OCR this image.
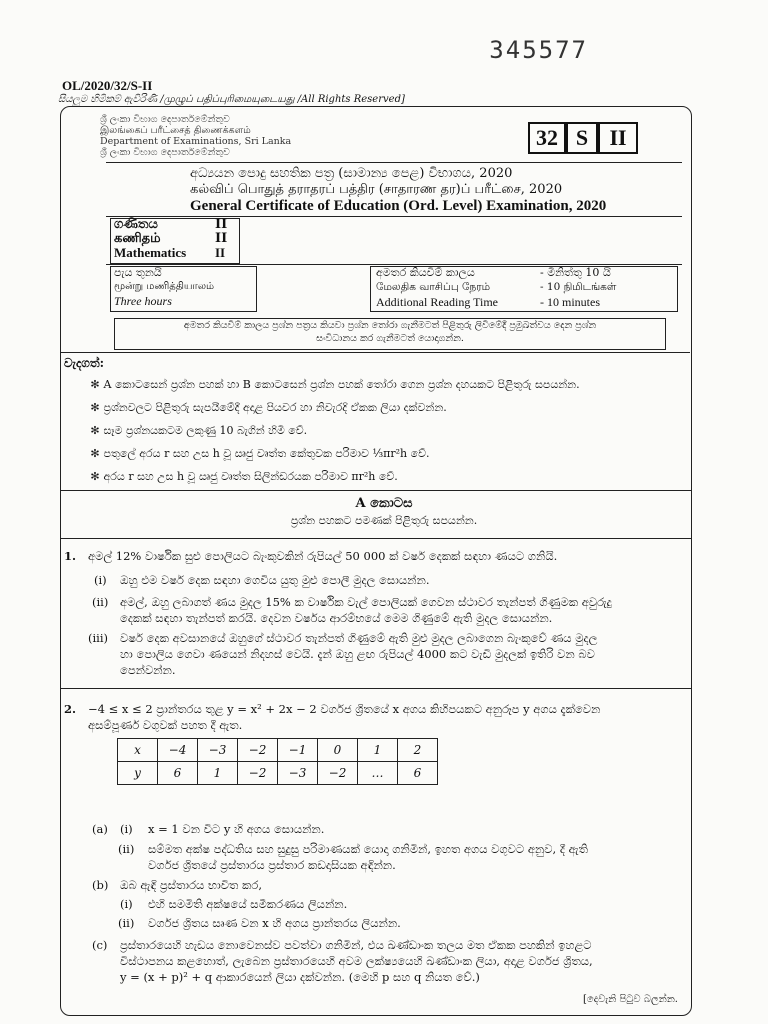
345577
OL/2020/32/S-II
සියලුම හිමිකම් ඇවිරිණි /முழுப் பதிப்புரிமையுடையது /All Rights Reserved]
ශ්‍රී ලංකා විභාග දෙපාර්තමේන්තුව
இலங்கைப் பரீட்சைத் திணைக்களம்
Department of Examinations, Sri Lanka
ශ්‍රී ලංකා විභාග දෙපාර්තමේන්තුව
32 S II
අධ්‍යයන පොදු සහතික පත්‍ර (සාමාන්‍ය පෙළ) විභාගය, 2020
கல்விப் பொதுத் தராதரப் பத்திர (சாதாரண தர)ப் பரீட்சை, 2020
General Certificate of Education (Ord. Level) Examination, 2020
ගණිතය	II
கணிதம்	II
Mathematics II
පැය තුනයි
மூன்று மணித்தியாலம்
Three hours
අමතර කියවීම් කාලය	- මිනිත්තු 10 යි
மேலதிக வாசிப்பு நேரம்	- 10 நிமிடங்கள்
Additional Reading Time	- 10 minutes
අමතර කියවීම් කාලය ප්‍රශ්න පත්‍රය කියවා ප්‍රශ්න තෝරා ගැනීමටත් පිළිතුරු ලිවීමේදී ප්‍රමුඛත්වය දෙන ප්‍රශ්න
සංවිධානය කර ගැනීමටත් යොදාගන්න.
වැදගත්:
✻ A කොටසෙන් ප්‍රශ්න පහක් හා B කොටසෙන් ප්‍රශ්න පහක් තෝරා ගෙන ප්‍රශ්න දහයකට පිළිතුරු සපයන්න.
✻ ප්‍රශ්නවලට පිළිතුරු සැපයීමේදී අදාළ පියවර හා නිවැරදි ඒකක ලියා දක්වන්න.
✻ සෑම ප්‍රශ්නයකටම ලකුණු 10 බැගින් හිමි වේ.
✻ පතුලේ අරය r සහ උස h වූ ඍජු වෘත්ත කේතුවක පරිමාව ⅓πr²h වේ.
✻ අරය r සහ උස h වූ ඍජු වෘත්ත සිලින්ඩරයක පරිමාව πr²h වේ.
A කොටස
ප්‍රශ්න පහකට පමණක් පිළිතුරු සපයන්න.
1. අමල් 12% වාර්ෂික සුළු පොලියට බැංකුවකින් රුපියල් 50 000 ක් වර්ෂ දෙකක් සඳහා ණයට ගනියි.
(i) ඔහු එම වර්ෂ දෙක සඳහා ගෙවිය යුතු මුළු පොලී මුදල සොයන්න.
(ii) අමල්, ඔහු ලබාගත් ණය මුදල 15% ක වාර්ෂික වැල් පොලියක් ගෙවන ස්ථාවර තැන්පත් ගිණුමක අවුරුදු
දෙකක් සඳහා තැන්පත් කරයි. දෙවන වර්ෂය ආරම්භයේ මෙම ගිණුමේ ඇති මුදල සොයන්න.
(iii) වර්ෂ දෙක අවසානයේ ඔහුගේ ස්ථාවර තැන්පත් ගිණුමේ ඇති මුළු මුදල ලබාගෙන බැංකුවේ ණය මුදල
හා පොලිය ගෙවා ණයෙන් නිදහස් වෙයි. දැන් ඔහු ළඟ රුපියල් 4000 කට වැඩි මුදලක් ඉතිරි වන බව
පෙන්වන්න.
2. −4 ≤ x ≤ 2 ප්‍රාන්තරය තුළ y = x² + 2x − 2 වර්ගජ ශ්‍රිතයේ x අගය කිහිපයකට අනුරූප y අගය දැක්වෙන
අසම්පූර්ණ වගුවක් පහත දී ඇත.
x	−4	−3	−2	−1	0	1	2
y	6	1	−2	−3	−2	…	6
(a) (i) x = 1 වන විට y හි අගය සොයන්න.
(ii) සම්මත අක්ෂ පද්ධතිය සහ සුදුසු පරිමාණයක් යොදා ගනිමින්, ඉහත අගය වගුවට අනුව, දී ඇති
වර්ගජ ශ්‍රිතයේ ප්‍රස්තාරය ප්‍රස්තාර කඩදාසියක අඳින්න.
(b) ඔබ ඇඳි ප්‍රස්තාරය භාවිත කර,
(i) එහි සමමිති අක්ෂයේ සමීකරණය ලියන්න.
(ii) වර්ගජ ශ්‍රිතය සෘණ වන x හි අගය ප්‍රාන්තරය ලියන්න.
(c) ප්‍රස්තාරයෙහි හැඩය නොවෙනස්ව පවත්වා ගනිමින්, එය ඛණ්ඩාංක තලය මත ඒකක පහකින් ඉහළට
විස්ථාපනය කළහොත්, ලැබෙන ප්‍රස්තාරයෙහි අවම ලක්ෂ්‍යයෙහි ඛණ්ඩාංක ලියා, අදාළ වර්ගජ ශ්‍රිතය,
y = (x + p)² + q ආකාරයෙන් ලියා දක්වන්න. (මෙහි p සහ q නියත වේ.)
[දෙවැනි පිටුව බලන්න.
